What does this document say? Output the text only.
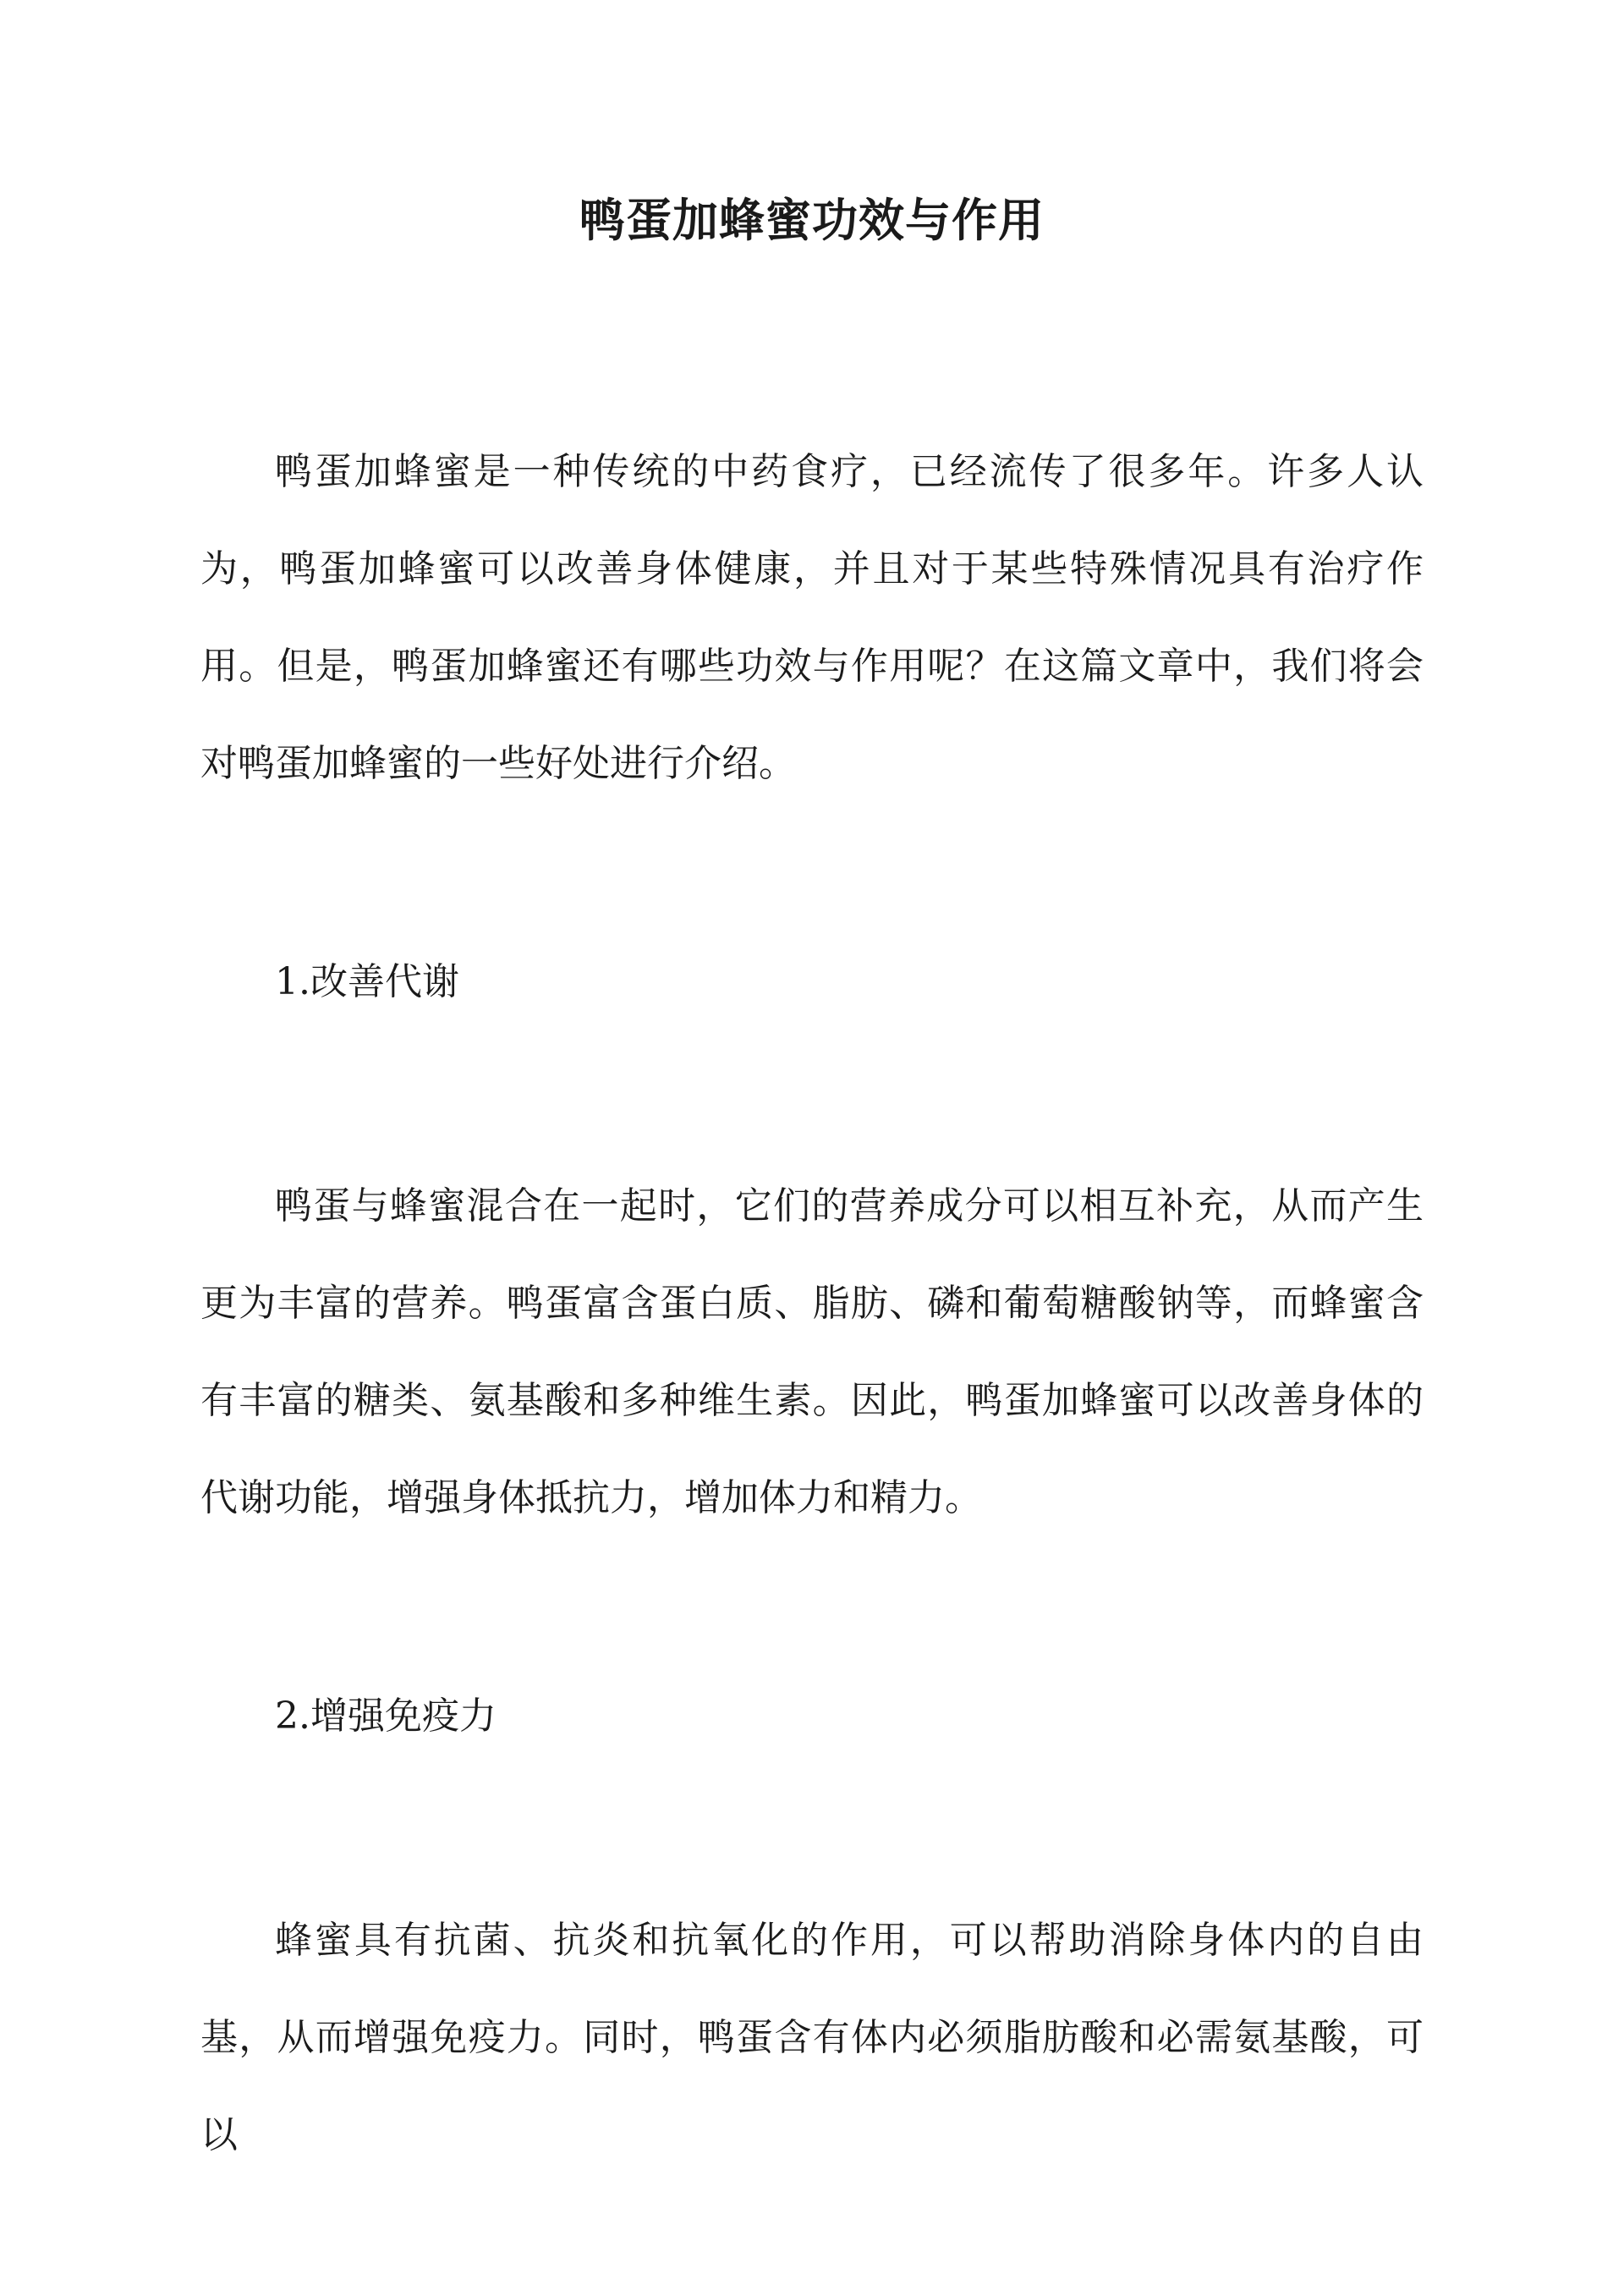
鸭蛋加蜂蜜功效与作用

鸭蛋加蜂蜜是一种传统的中药食疗，已经流传了很多年。许多人认为，鸭蛋加蜂蜜可以改善身体健康，并且对于某些特殊情况具有治疗作用。但是，鸭蛋加蜂蜜还有哪些功效与作用呢？在这篇文章中，我们将会对鸭蛋加蜂蜜的一些好处进行介绍。

1.改善代谢

鸭蛋与蜂蜜混合在一起时，它们的营养成分可以相互补充，从而产生更为丰富的营养。鸭蛋富含蛋白质、脂肪、磷和葡萄糖酸钠等，而蜂蜜含有丰富的糖类、氨基酸和多种维生素。因此，鸭蛋加蜂蜜可以改善身体的代谢功能，增强身体抵抗力，增加体力和精力。

2.增强免疫力

蜂蜜具有抗菌、抗炎和抗氧化的作用，可以帮助消除身体内的自由基，从而增强免疫力。同时，鸭蛋含有体内必须脂肪酸和必需氨基酸，可以
